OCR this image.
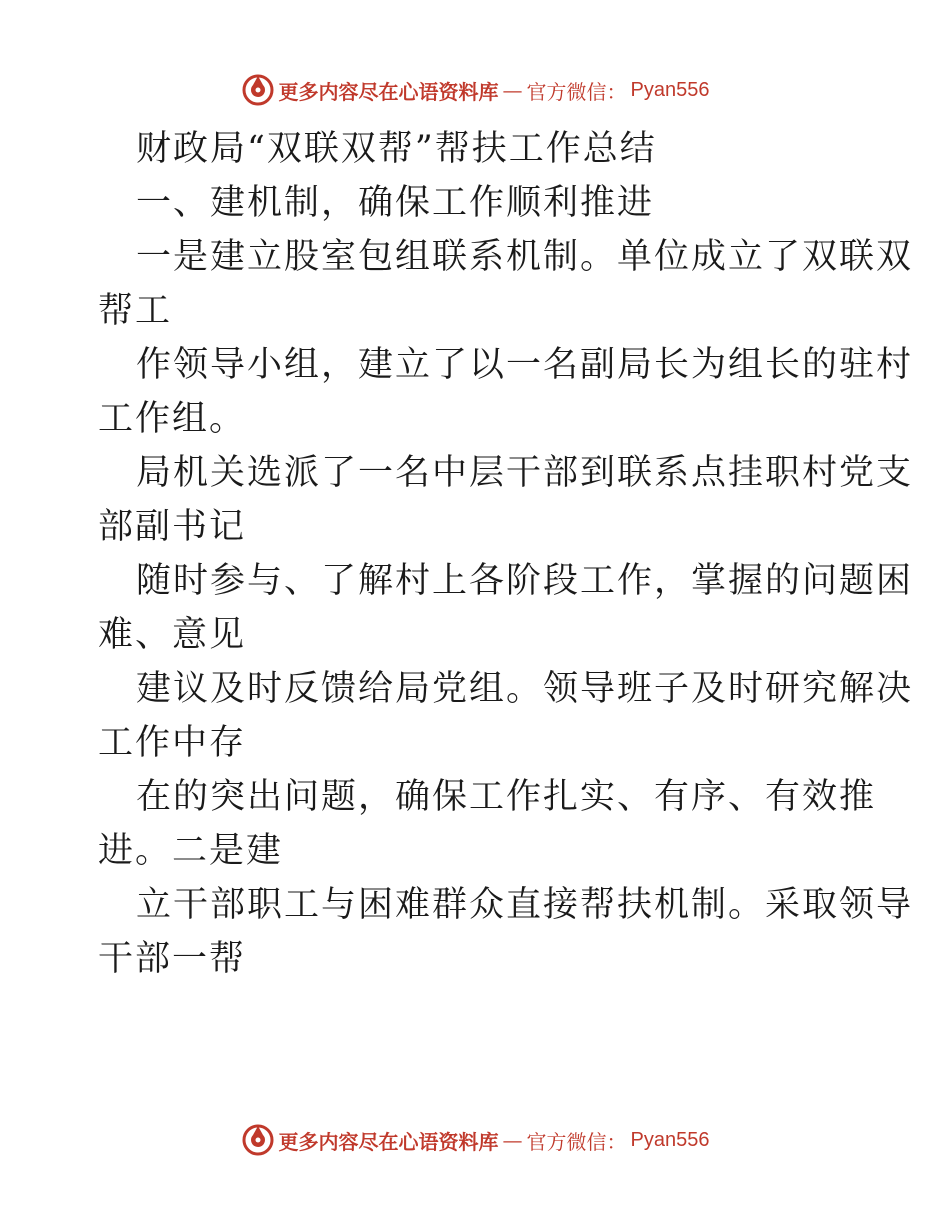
更多内容尽在心语资料库 — 官方微信： Pyan556
财政局“双联双帮”帮扶工作总结
一、建机制，确保工作顺利推进
一是建立股室包组联系机制。单位成立了双联双
帮工
作领导小组，建立了以一名副局长为组长的驻村
工作组。
局机关选派了一名中层干部到联系点挂职村党支
部副书记
随时参与、了解村上各阶段工作，掌握的问题困
难、意见
建议及时反馈给局党组。领导班子及时研究解决
工作中存
在的突出问题，确保工作扎实、有序、有效推
进。二是建
立干部职工与困难群众直接帮扶机制。采取领导
干部一帮
更多内容尽在心语资料库 — 官方微信： Pyan556
